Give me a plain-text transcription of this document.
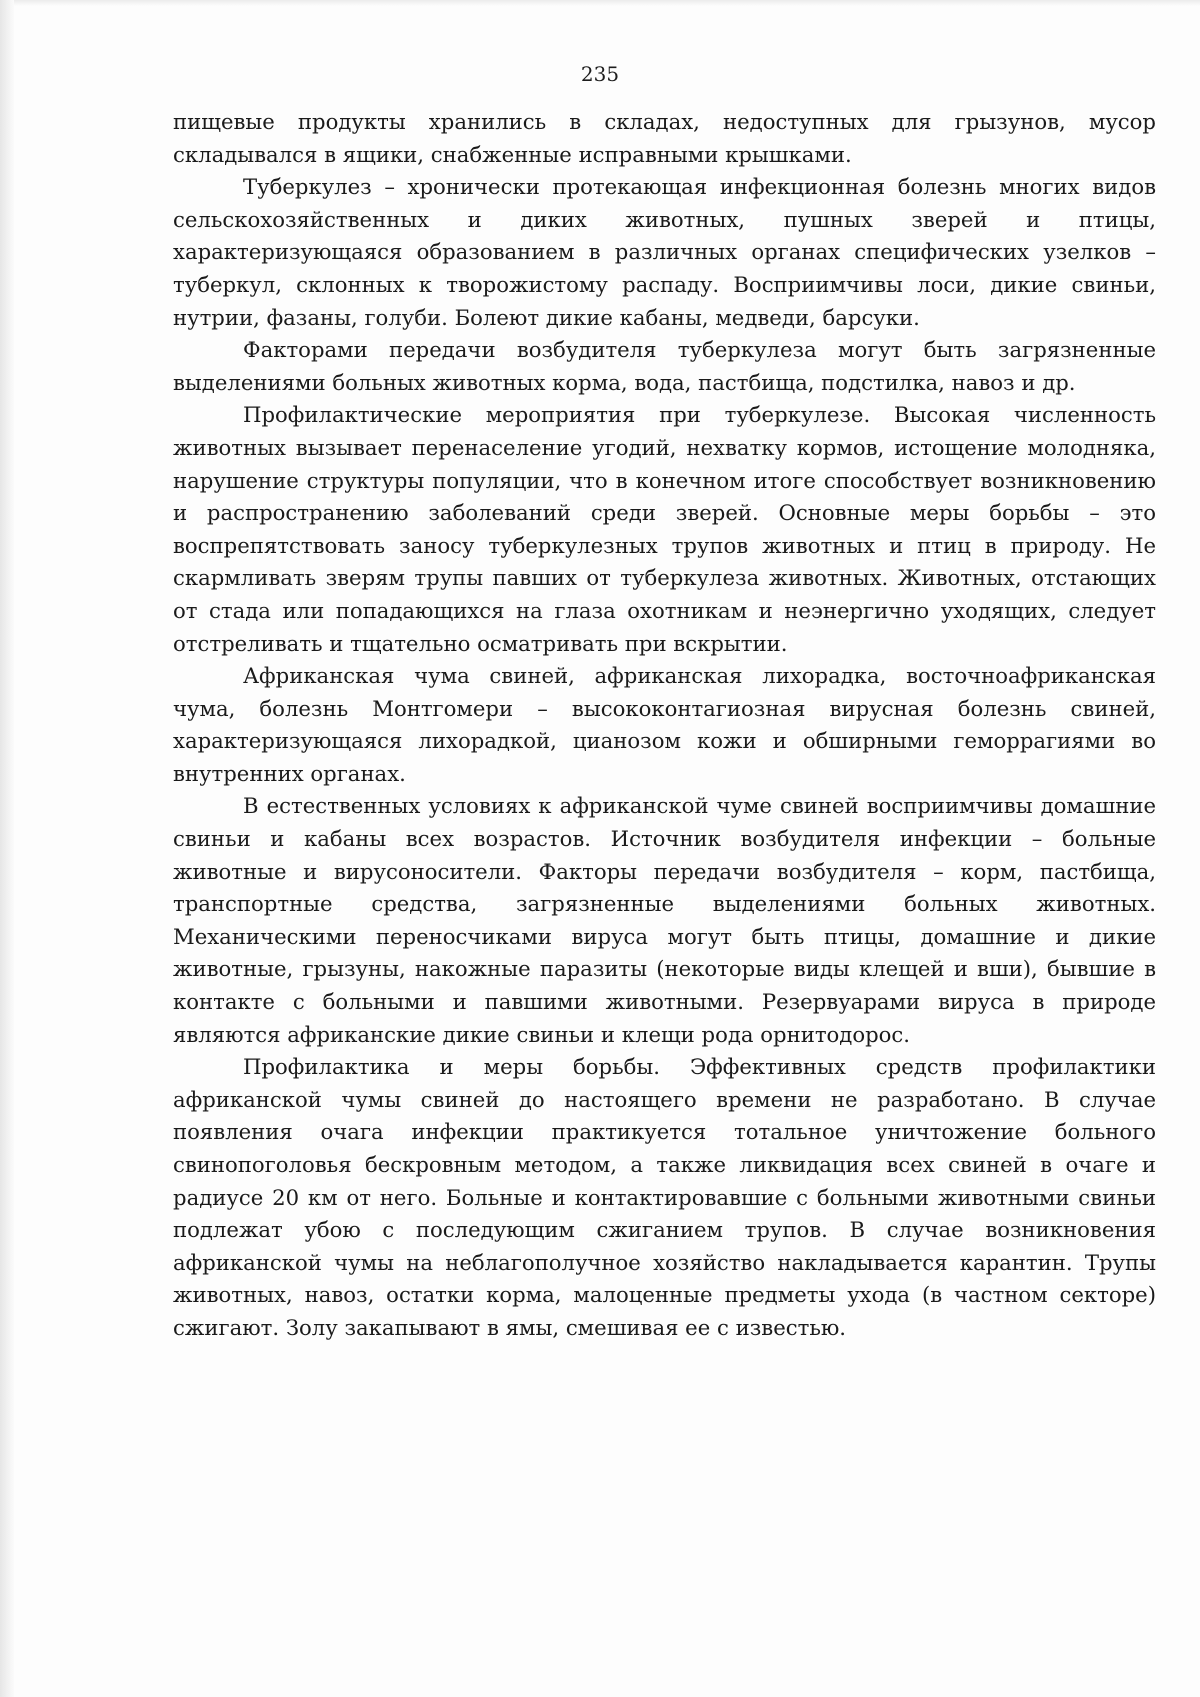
235

пищевые продукты хранились в складах, недоступных для грызунов, мусор складывался в ящики, снабженные исправными крышками.

Туберкулез – хронически протекающая инфекционная болезнь многих видов сельскохозяйственных и диких животных, пушных зверей и птицы, характеризующаяся образованием в различных органах специфических узелков – туберкул, склонных к творожистому распаду. Восприимчивы лоси, дикие свиньи, нутрии, фазаны, голуби. Болеют дикие кабаны, медведи, барсуки.

Факторами передачи возбудителя туберкулеза могут быть загрязненные выделениями больных животных корма, вода, пастбища, подстилка, навоз и др.

Профилактические мероприятия при туберкулезе. Высокая численность животных вызывает перенаселение угодий, нехватку кормов, истощение молодняка, нарушение структуры популяции, что в конечном итоге способствует возникновению и распространению заболеваний среди зверей. Основные меры борьбы – это воспрепятствовать заносу туберкулезных трупов животных и птиц в природу. Не скармливать зверям трупы павших от туберкулеза животных. Животных, отстающих от стада или попадающихся на глаза охотникам и неэнергично уходящих, следует отстреливать и тщательно осматривать при вскрытии.

Африканская чума свиней, африканская лихорадка, восточноафриканская чума, болезнь Монтгомери – высококонтагиозная вирусная болезнь свиней, характеризующаяся лихорадкой, цианозом кожи и обширными геморрагиями во внутренних органах.

В естественных условиях к африканской чуме свиней восприимчивы домашние свиньи и кабаны всех возрастов. Источник возбудителя инфекции – больные животные и вирусоносители. Факторы передачи возбудителя – корм, пастбища, транспортные средства, загрязненные выделениями больных животных. Механическими переносчиками вируса могут быть птицы, домашние и дикие животные, грызуны, накожные паразиты (некоторые виды клещей и вши), бывшие в контакте с больными и павшими животными. Резервуарами вируса в природе являются африканские дикие свиньи и клещи рода орнитодорос.

Профилактика и меры борьбы. Эффективных средств профилактики африканской чумы свиней до настоящего времени не разработано. В случае появления очага инфекции практикуется тотальное уничтожение больного свинопоголовья бескровным методом, а также ликвидация всех свиней в очаге и радиусе 20 км от него. Больные и контактировавшие с больными животными свиньи подлежат убою с последующим сжиганием трупов. В случае возникновения африканской чумы на неблагополучное хозяйство накладывается карантин. Трупы животных, навоз, остатки корма, малоценные предметы ухода (в частном секторе) сжигают. Золу закапывают в ямы, смешивая ее с известью.
